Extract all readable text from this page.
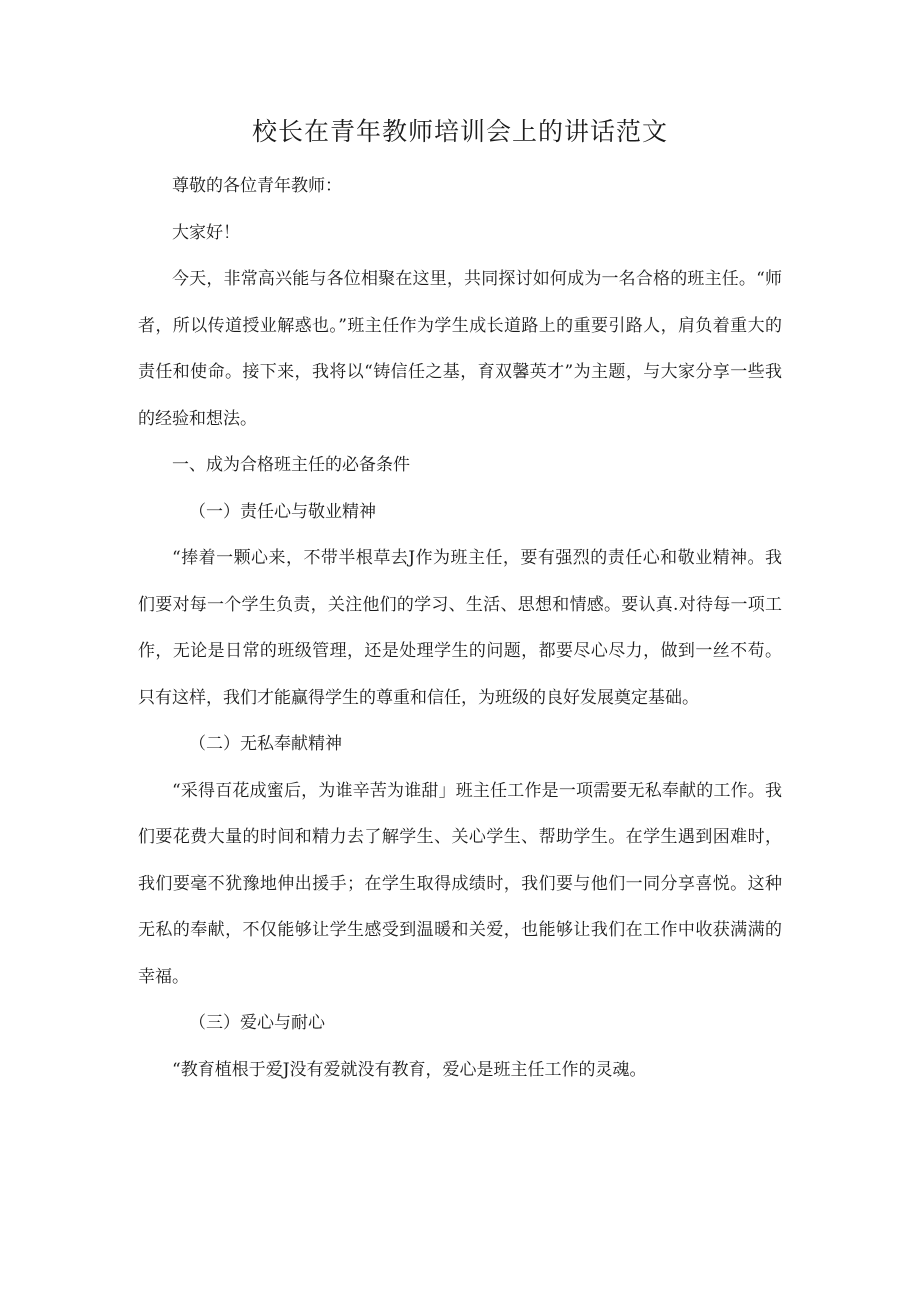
校长在青年教师培训会上的讲话范文

尊敬的各位青年教师：

大家好！

今天，非常高兴能与各位相聚在这里，共同探讨如何成为一名合格的班主任。“师者，所以传道授业解惑也。”班主任作为学生成长道路上的重要引路人，肩负着重大的责任和使命。接下来，我将以“铸信任之基，育双馨英才”为主题，与大家分享一些我的经验和想法。

一、成为合格班主任的必备条件

（一）责任心与敬业精神

“捧着一颗心来，不带半根草去J作为班主任，要有强烈的责任心和敬业精神。我们要对每一个学生负责，关注他们的学习、生活、思想和情感。要认真.对待每一项工作，无论是日常的班级管理，还是处理学生的问题，都要尽心尽力，做到一丝不苟。只有这样，我们才能赢得学生的尊重和信任，为班级的良好发展奠定基础。

（二）无私奉献精神

“采得百花成蜜后，为谁辛苦为谁甜」班主任工作是一项需要无私奉献的工作。我们要花费大量的时间和精力去了解学生、关心学生、帮助学生。在学生遇到困难时，我们要毫不犹豫地伸出援手；在学生取得成绩时，我们要与他们一同分享喜悦。这种无私的奉献，不仅能够让学生感受到温暖和关爱，也能够让我们在工作中收获满满的幸福。

（三）爱心与耐心

“教育植根于爱J没有爱就没有教育，爱心是班主任工作的灵魂。
